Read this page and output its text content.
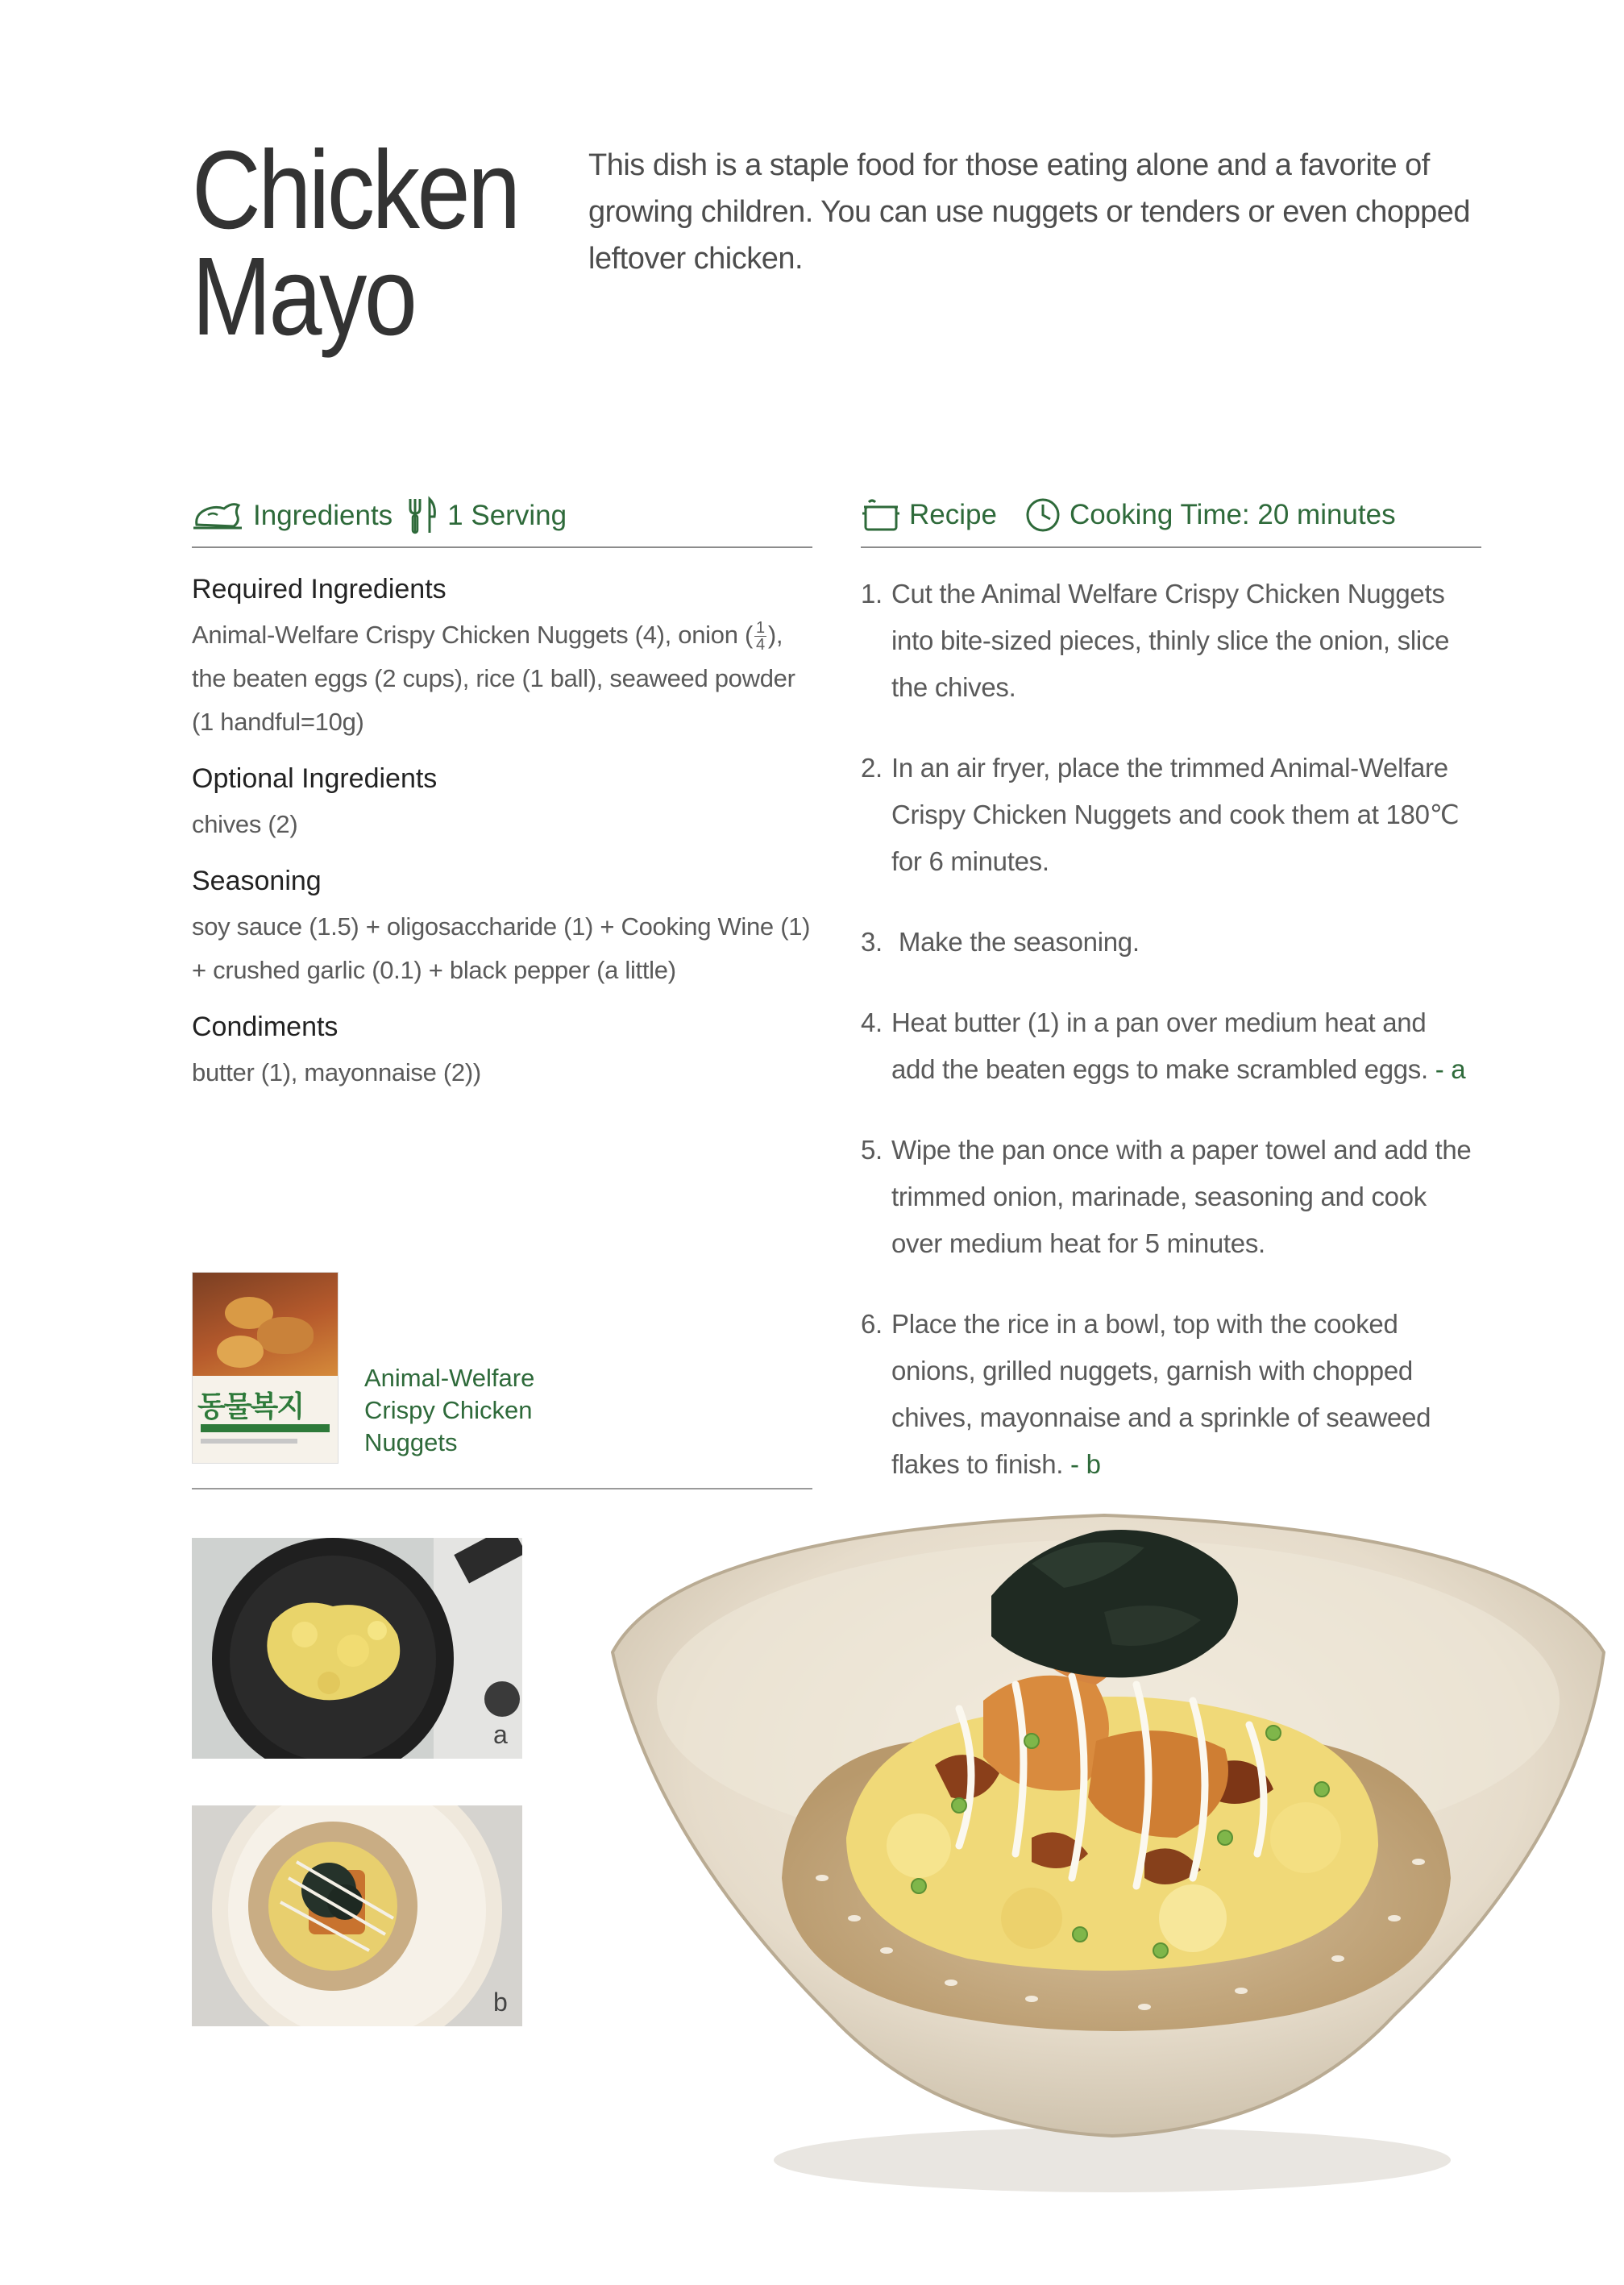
Chicken
Mayo
This dish is a staple food for those eating alone and a favorite of growing children. You can use nuggets or tenders or even chopped leftover chicken.
Ingredients 1 Serving
Required Ingredients
Animal-Welfare Crispy Chicken Nuggets (4), onion ( $\frac{1}{4}$ ), the beaten eggs (2 cups), rice (1 ball), seaweed powder (1 handful=10g)
Optional Ingredients
chives (2)
Seasoning
soy sauce (1.5) + oligosaccharide (1) + Cooking Wine (1) + crushed garlic (0.1) + black pepper (a little)
Condiments
butter (1), mayonnaise (2))
동물복지
Animal-Welfare
Crispy Chicken
Nuggets
Recipe	Cooking Time: 20 minutes
1. Cut the Animal Welfare Crispy Chicken Nuggets into bite-sized pieces, thinly slice the onion, slice the chives.
2. In an air fryer, place the trimmed Animal-Welfare Crispy Chicken Nuggets and cook them at 180℃ for 6 minutes.
3. Make the seasoning.
4. Heat butter (1) in a pan over medium heat and add the beaten eggs to make scrambled eggs. - a
5. Wipe the pan once with a paper towel and add the trimmed onion, marinade, seasoning and cook over medium heat for 5 minutes.
6. Place the rice in a bowl, top with the cooked onions, grilled nuggets, garnish with chopped chives, mayonnaise and a sprinkle of seaweed flakes to finish. - b
a
b
